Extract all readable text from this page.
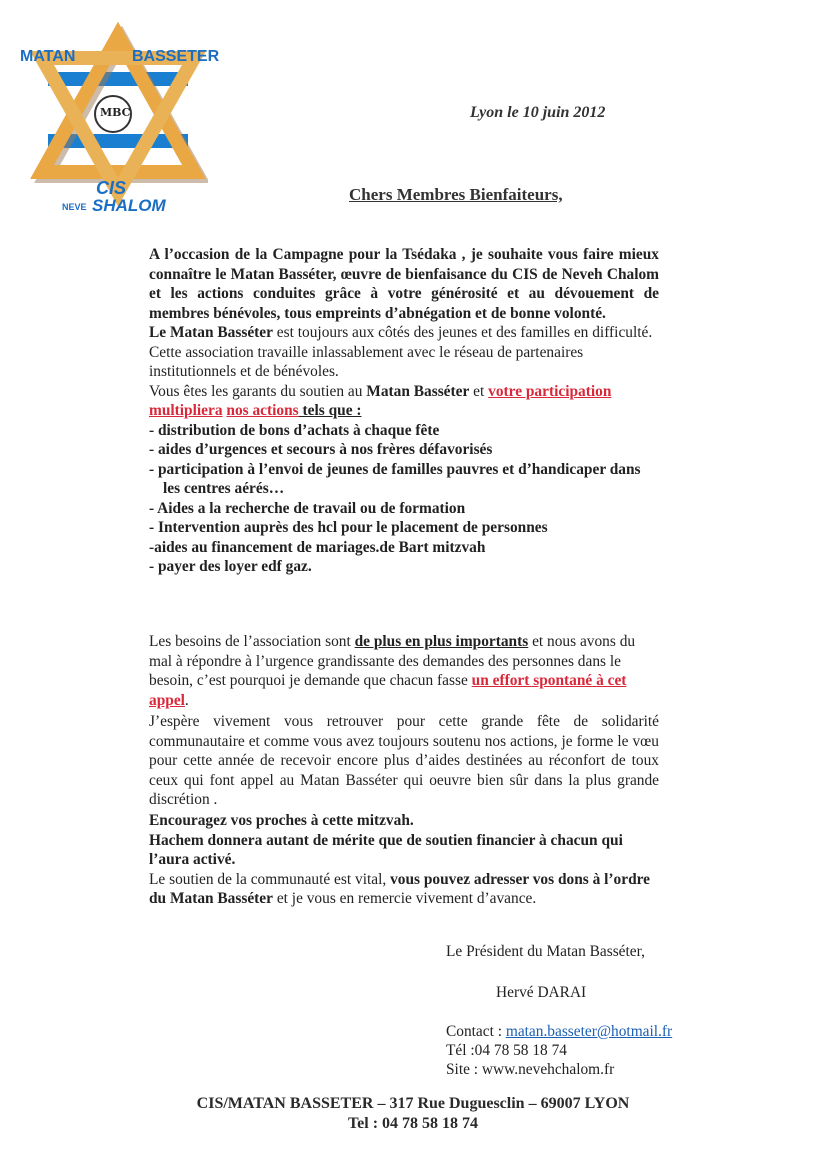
MATAN	BASSETER
MBC
CIS
NEVE SHALOM
Lyon le 10 juin 2012
Chers Membres Bienfaiteurs,

A l’occasion de la Campagne pour la Tsédaka , je souhaite vous faire mieux connaître le Matan Basséter, œuvre de bienfaisance du CIS de Neveh Chalom et les actions conduites grâce à votre générosité et au dévouement de membres bénévoles, tous empreints d’abnégation et de bonne volonté.

Le Matan Basséter est toujours aux côtés des jeunes et des familles en difficulté.

Cette association travaille inlassablement avec le réseau de partenaires institutionnels et de bénévoles.

Vous êtes les garants du soutien au Matan Basséter et votre participation multipliera nos actions tels que :

- distribution de bons d’achats à chaque fête

- aides d’urgences et secours à nos frères défavorisés

- participation à l’envoi de jeunes de familles pauvres et d’handicaper dans

les centres aérés…

- Aides a la recherche de travail ou de formation

- Intervention auprès des hcl pour le placement de personnes

-aides au financement de mariages.de Bart mitzvah

- payer des loyer edf gaz.

Les besoins de l’association sont de plus en plus importants et nous avons du mal à répondre à l’urgence grandissante des demandes des personnes dans le besoin, c’est pourquoi je demande que chacun fasse un effort spontané à cet appel.

J’espère vivement vous retrouver pour cette grande fête de solidarité communautaire et comme vous avez toujours soutenu nos actions, je forme le vœu pour cette année de recevoir encore plus d’aides destinées au réconfort de toux ceux qui font appel au Matan Basséter qui oeuvre bien sûr dans la plus grande discrétion .

Encouragez vos proches à cette mitzvah.

Hachem donnera autant de mérite que de soutien financier à chacun qui l’aura activé.

Le soutien de la communauté est vital, vous pouvez adresser vos dons à l’ordre du Matan Basséter et je vous en remercie vivement d’avance.

Le Président du Matan Basséter,
Hervé DARAI
Contact : matan.basseter@hotmail.fr
Tél :04 78 58 18 74
Site : www.nevehchalom.fr
CIS/MATAN BASSETER – 317 Rue Duguesclin – 69007 LYON
Tel : 04 78 58 18 74
